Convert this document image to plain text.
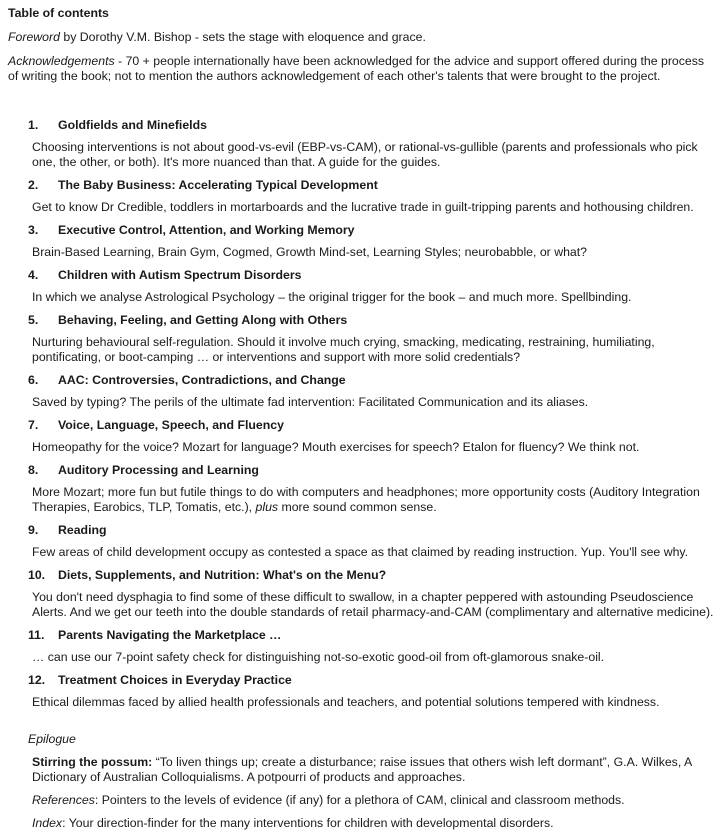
Table of contents

Foreword by Dorothy V.M. Bishop - sets the stage with eloquence and grace.

Acknowledgements - 70 + people internationally have been acknowledged for the advice and support offered during the process of writing the book; not to mention the authors acknowledgement of each other's talents that were brought to the project.

1.	Goldfields and Minefields
Choosing interventions is not about good-vs-evil (EBP-vs-CAM), or rational-vs-gullible (parents and professionals who pick one, the other, or both). It's more nuanced than that. A guide for the guides.
2.	The Baby Business: Accelerating Typical Development
Get to know Dr Credible, toddlers in mortarboards and the lucrative trade in guilt-tripping parents and hothousing children.
3.	Executive Control, Attention, and Working Memory
Brain-Based Learning, Brain Gym, Cogmed, Growth Mind-set, Learning Styles; neurobabble, or what?
4.	Children with Autism Spectrum Disorders
In which we analyse Astrological Psychology – the original trigger for the book – and much more. Spellbinding.
5.	Behaving, Feeling, and Getting Along with Others
Nurturing behavioural self-regulation. Should it involve much crying, smacking, medicating, restraining, humiliating, pontificating, or boot-camping … or interventions and support with more solid credentials?
6.	AAC: Controversies, Contradictions, and Change
Saved by typing? The perils of the ultimate fad intervention: Facilitated Communication and its aliases.
7.	Voice, Language, Speech, and Fluency
Homeopathy for the voice? Mozart for language? Mouth exercises for speech? Etalon for fluency? We think not.
8.	Auditory Processing and Learning
More Mozart; more fun but futile things to do with computers and headphones; more opportunity costs (Auditory Integration Therapies, Earobics, TLP, Tomatis, etc.), plus more sound common sense.
9.	Reading
Few areas of child development occupy as contested a space as that claimed by reading instruction. Yup. You'll see why.
10.	Diets, Supplements, and Nutrition: What's on the Menu?
You don't need dysphagia to find some of these difficult to swallow, in a chapter peppered with astounding Pseudoscience Alerts. And we get our teeth into the double standards of retail pharmacy-and-CAM (complimentary and alternative medicine).
11.	Parents Navigating the Marketplace …
… can use our 7-point safety check for distinguishing not-so-exotic good-oil from oft-glamorous snake-oil.
12.	Treatment Choices in Everyday Practice
Ethical dilemmas faced by allied health professionals and teachers, and potential solutions tempered with kindness.
Epilogue
Stirring the possum: “To liven things up; create a disturbance; raise issues that others wish left dormant”, G.A. Wilkes, A Dictionary of Australian Colloquialisms. A potpourri of products and approaches.
References: Pointers to the levels of evidence (if any) for a plethora of CAM, clinical and classroom methods.
Index: Your direction-finder for the many interventions for children with developmental disorders.
